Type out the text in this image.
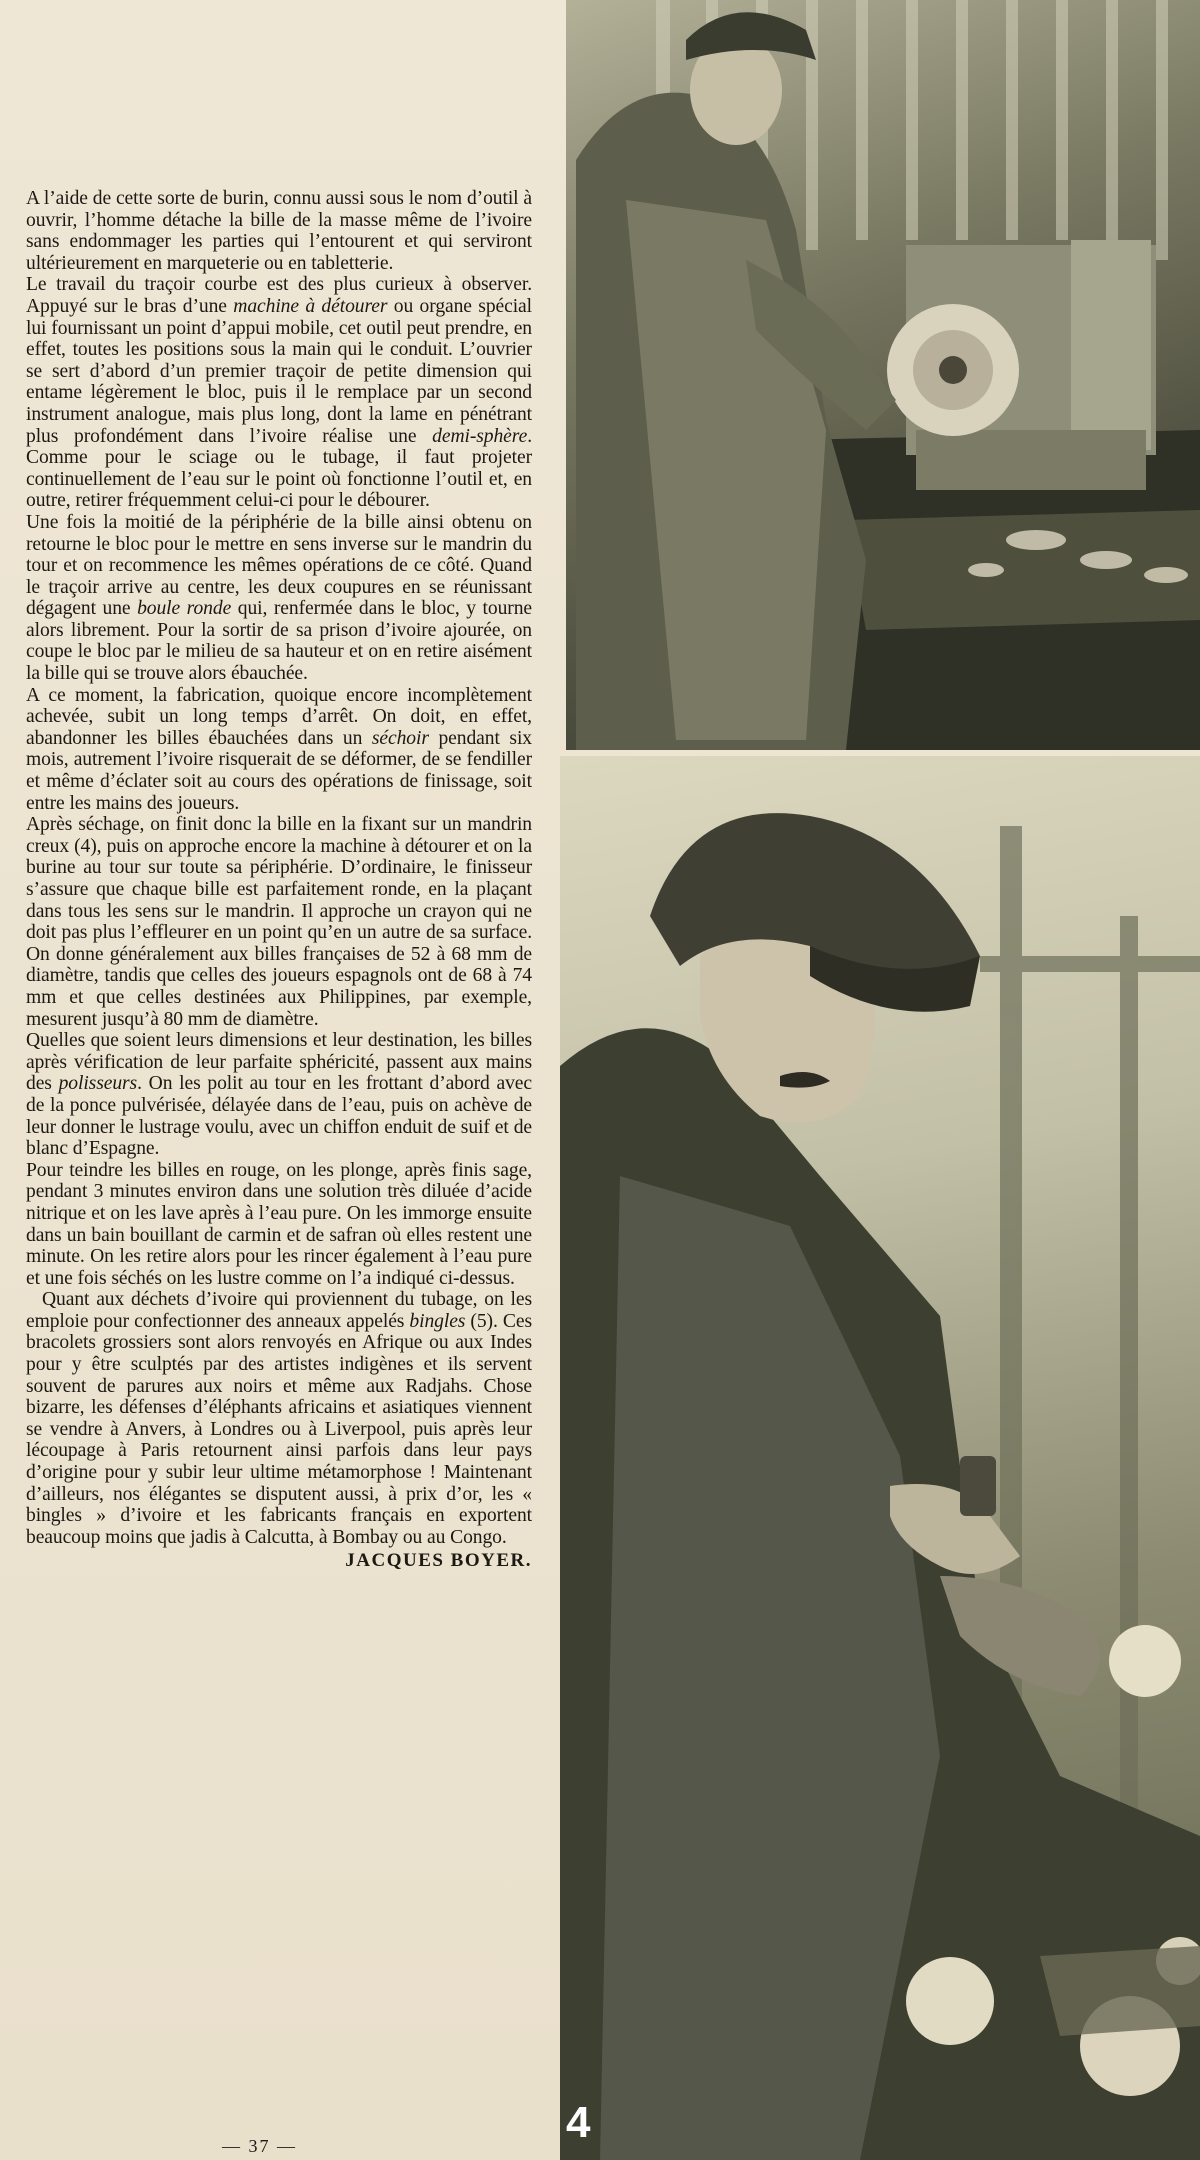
A l’aide de cette sorte de burin, connu aussi sous le nom d’outil à ouvrir, l’homme détache la bille de la masse même de l’ivoire sans endommager les parties qui l’entourent et qui serviront ultérieurement en marqueterie ou en tabletterie.

Le travail du traçoir courbe est des plus curieux à observer. Appuyé sur le bras d’une machine à détourer ou organe spécial lui fournissant un point d’appui mobile, cet outil peut prendre, en effet, toutes les positions sous la main qui le conduit. L’ouvrier se sert d’abord d’un premier traçoir de petite dimension qui entame légèrement le bloc, puis il le remplace par un second instrument analogue, mais plus long, dont la lame en pénétrant plus profondément dans l’ivoire réalise une demi-sphère. Comme pour le sciage ou le tubage, il faut projeter continuellement de l’eau sur le point où fonctionne l’outil et, en outre, retirer fréquemment celui-ci pour le débourer.

Une fois la moitié de la périphérie de la bille ainsi obtenu on retourne le bloc pour le mettre en sens inverse sur le mandrin du tour et on recommence les mêmes opérations de ce côté. Quand le traçoir arrive au centre, les deux coupures en se réunissant dégagent une boule ronde qui, renfermée dans le bloc, y tourne alors librement. Pour la sortir de sa prison d’ivoire ajourée, on coupe le bloc par le milieu de sa hauteur et on en retire aisément la bille qui se trouve alors ébauchée.

A ce moment, la fabrication, quoique encore incomplètement achevée, subit un long temps d’arrêt. On doit, en effet, abandonner les billes ébauchées dans un séchoir pendant six mois, autrement l’ivoire risquerait de se déformer, de se fendiller et même d’éclater soit au cours des opérations de finissage, soit entre les mains des joueurs.

Après séchage, on finit donc la bille en la fixant sur un mandrin creux (4), puis on approche encore la machine à détourer et on la burine au tour sur toute sa périphérie. D’ordinaire, le finisseur s’assure que chaque bille est parfaitement ronde, en la plaçant dans tous les sens sur le mandrin. Il approche un crayon qui ne doit pas plus l’effleurer en un point qu’en un autre de sa surface. On donne généralement aux billes françaises de 52 à 68 mm de diamètre, tandis que celles des joueurs espagnols ont de 68 à 74 mm et que celles destinées aux Philippines, par exemple, mesurent jusqu’à 80 mm de diamètre.

Quelles que soient leurs dimensions et leur destination, les billes après vérification de leur parfaite sphéricité, passent aux mains des polisseurs. On les polit au tour en les frottant d’abord avec de la ponce pulvérisée, délayée dans de l’eau, puis on achève de leur donner le lustrage voulu, avec un chiffon enduit de suif et de blanc d’Espagne.

Pour teindre les billes en rouge, on les plonge, après finis sage, pendant 3 minutes environ dans une solution très diluée d’acide nitrique et on les lave après à l’eau pure. On les immorge ensuite dans un bain bouillant de carmin et de safran où elles restent une minute. On les retire alors pour les rincer également à l’eau pure et une fois séchés on les lustre comme on l’a indiqué ci-dessus.

Quant aux déchets d’ivoire qui proviennent du tubage, on les emploie pour confectionner des anneaux appelés bingles (5). Ces bracolets grossiers sont alors renvoyés en Afrique ou aux Indes pour y être sculptés par des artistes indigènes et ils servent souvent de parures aux noirs et même aux Radjahs. Chose bizarre, les défenses d’éléphants africains et asiatiques viennent se vendre à Anvers, à Londres ou à Liverpool, puis après leur lécoupage à Paris retournent ainsi parfois dans leur pays d’origine pour y subir leur ultime métamorphose ! Maintenant d’ailleurs, nos élégantes se disputent aussi, à prix d’or, les « bingles » d’ivoire et les fabricants français en exportent beaucoup moins que jadis à Calcutta, à Bombay ou au Congo.

JACQUES BOYER.
— 37 —	4
